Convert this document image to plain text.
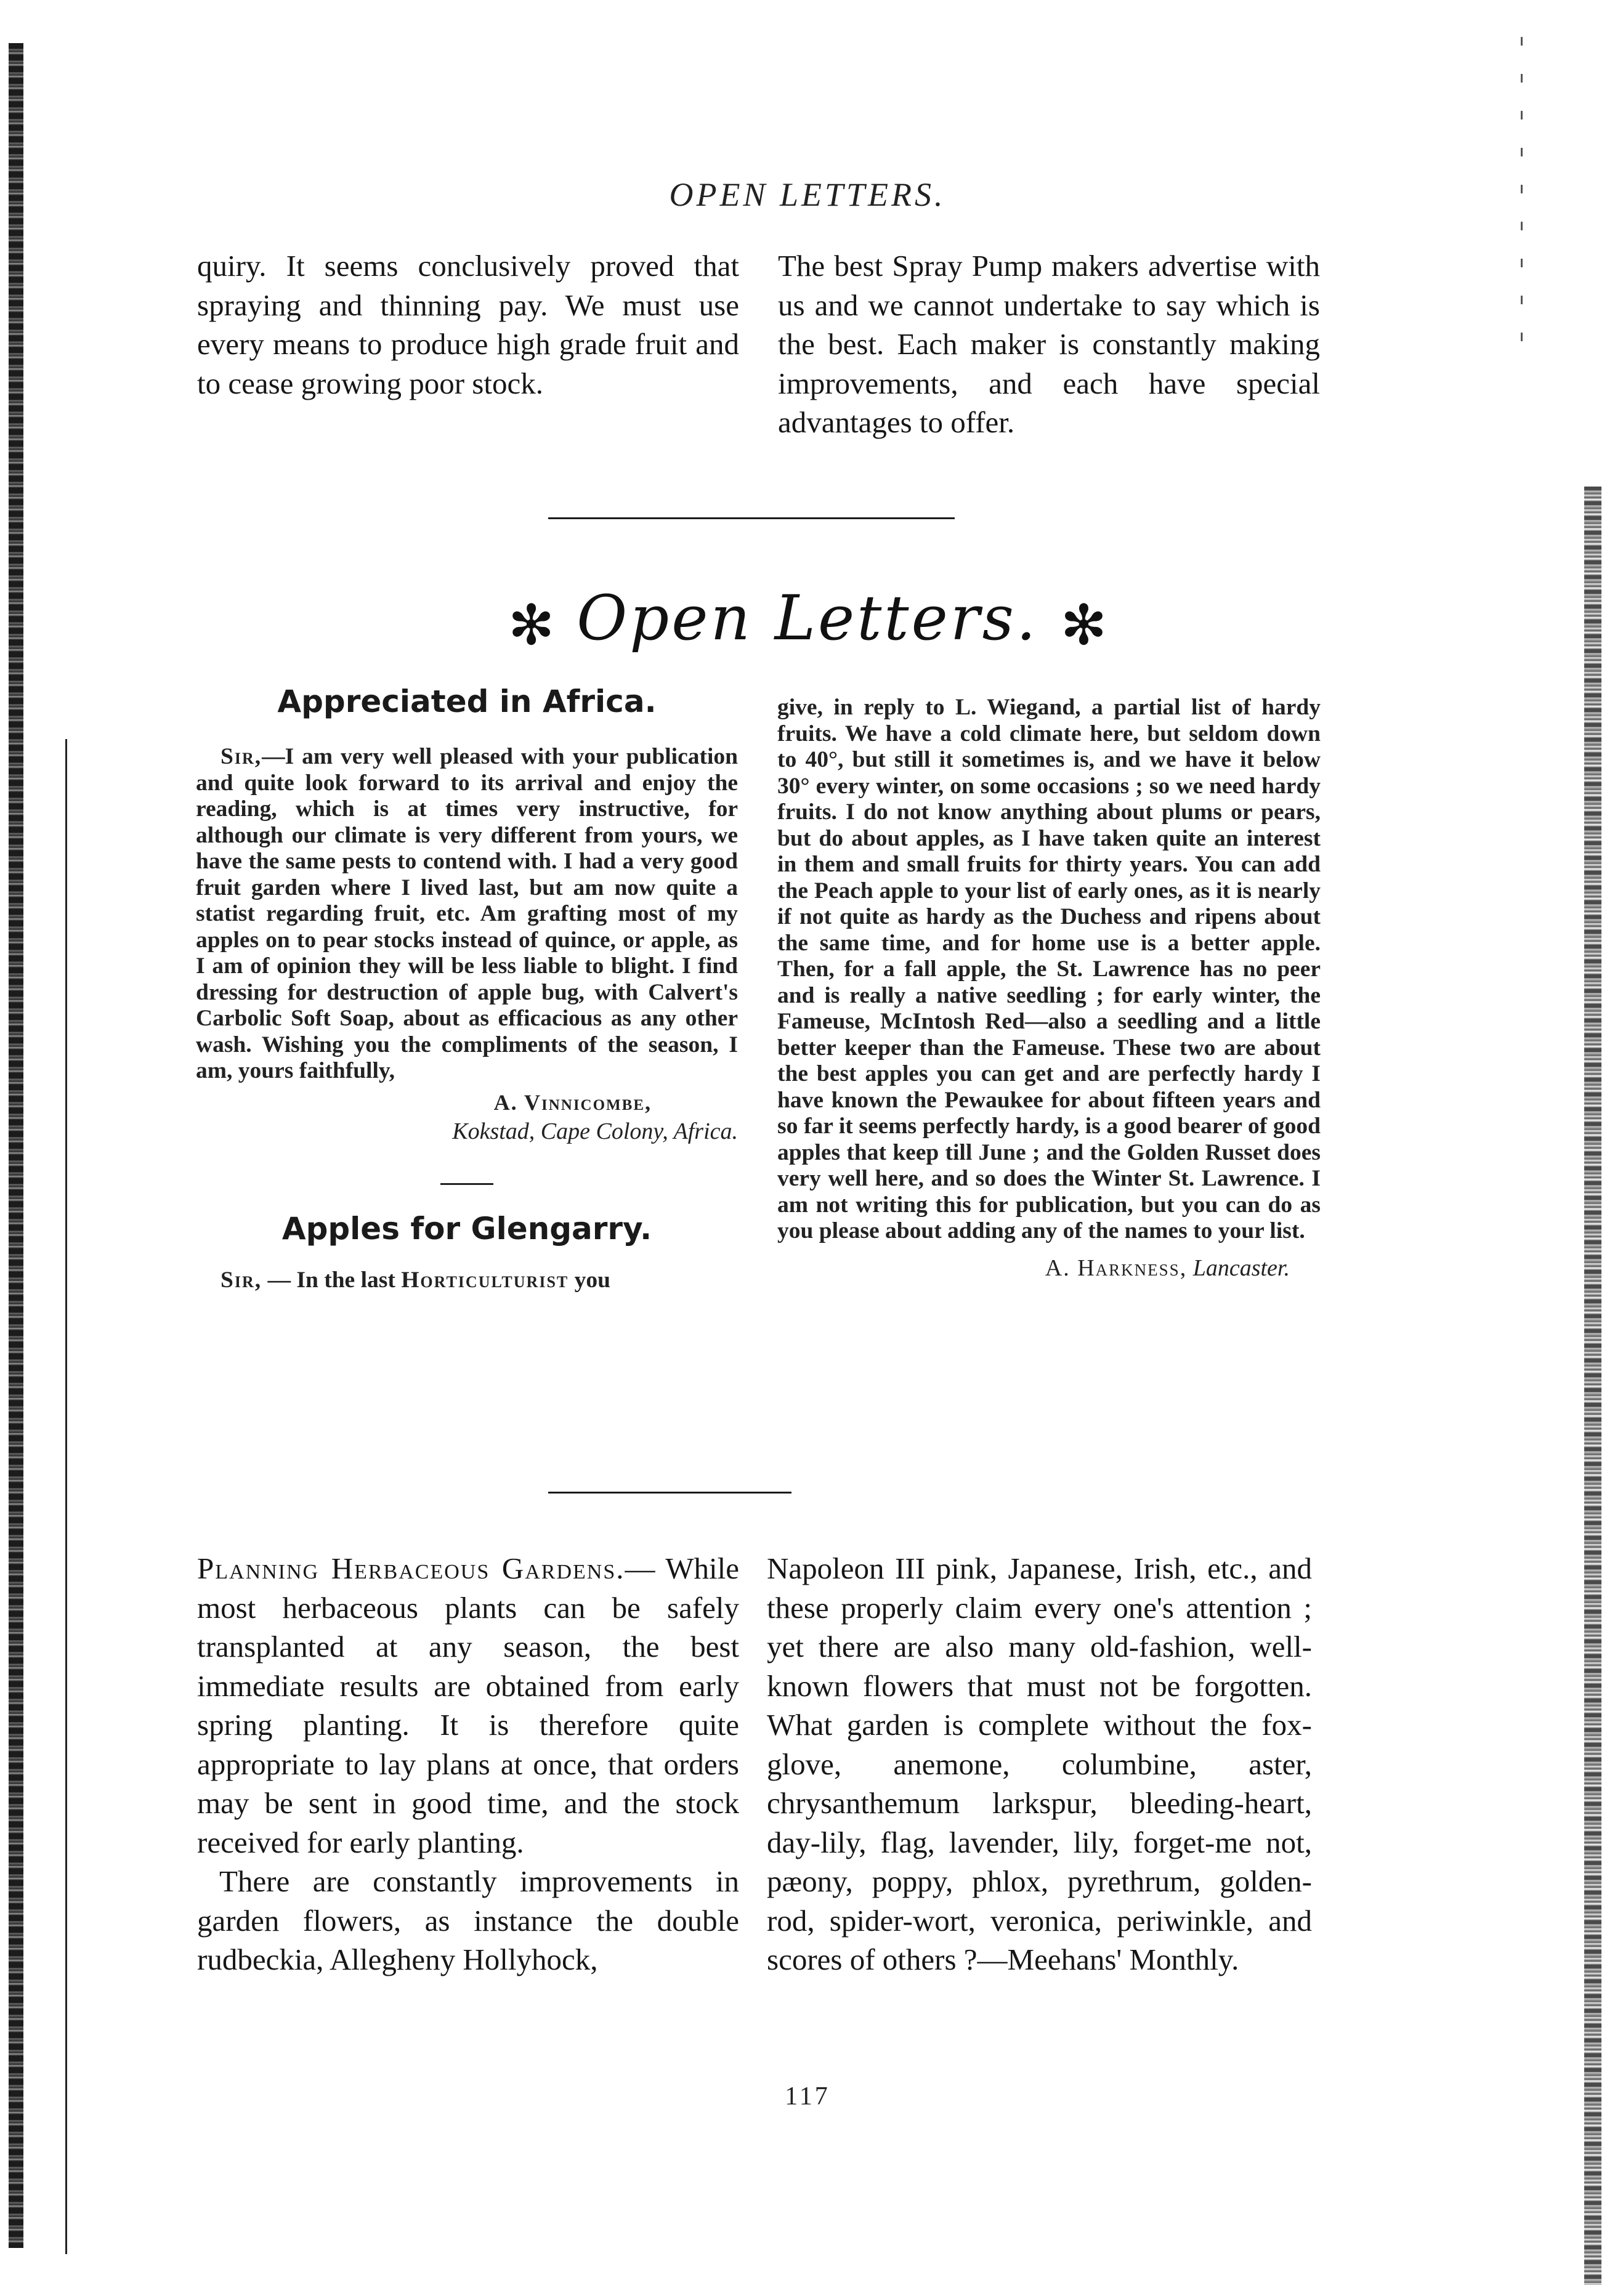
OPEN LETTERS.

quiry. It seems conclusively proved that spraying and thinning pay. We must use every means to produce high grade fruit and to cease growing poor stock.

The best Spray Pump makers advertise with us and we cannot undertake to say which is the best. Each maker is constantly making improvements, and each have special advantages to offer.

✻ Open Letters. ✻
Appreciated in Africa.

Sir,—I am very well pleased with your publication and quite look forward to its arrival and enjoy the reading, which is at times very instructive, for although our climate is very different from yours, we have the same pests to contend with. I had a very good fruit garden where I lived last, but am now quite a statist regarding fruit, etc. Am grafting most of my apples on to pear stocks instead of quince, or apple, as I am of opinion they will be less liable to blight. I find dressing for destruction of apple bug, with Calvert's Carbolic Soft Soap, about as efficacious as any other wash. Wishing you the compliments of the season, I am, yours faithfully,

A. Vinnicombe,
Kokstad, Cape Colony, Africa.
Apples for Glengarry.

Sir, — In the last Horticulturist you

give, in reply to L. Wiegand, a partial list of hardy fruits. We have a cold climate here, but seldom down to 40°, but still it sometimes is, and we have it below 30° every winter, on some occasions ; so we need hardy fruits. I do not know anything about plums or pears, but do about apples, as I have taken quite an interest in them and small fruits for thirty years. You can add the Peach apple to your list of early ones, as it is nearly if not quite as hardy as the Duchess and ripens about the same time, and for home use is a better apple. Then, for a fall apple, the St. Lawrence has no peer and is really a native seedling ; for early winter, the Fameuse, McIntosh Red—also a seedling and a little better keeper than the Fameuse. These two are about the best apples you can get and are perfectly hardy I have known the Pewaukee for about fifteen years and so far it seems perfectly hardy, is a good bearer of good apples that keep till June ; and the Golden Russet does very well here, and so does the Winter St. Lawrence. I am not writing this for publication, but you can do as you please about adding any of the names to your list.

A. Harkness, Lancaster.

Planning Herbaceous Gardens.— While most herbaceous plants can be safely transplanted at any season, the best immediate results are obtained from early spring planting. It is therefore quite appropriate to lay plans at once, that orders may be sent in good time, and the stock received for early planting.

There are constantly improvements in garden flowers, as instance the double rudbeckia, Allegheny Hollyhock,

Napoleon III pink, Japanese, Irish, etc., and these properly claim every one's attention ; yet there are also many old-fashion, well-known flowers that must not be forgotten. What garden is complete without the fox-glove, anemone, columbine, aster, chrysanthemum larkspur, bleeding-heart, day-lily, flag, lavender, lily, forget-me not, pæony, poppy, phlox, pyrethrum, golden-rod, spider-wort, veronica, periwinkle, and scores of others ?—Meehans' Monthly.

117
